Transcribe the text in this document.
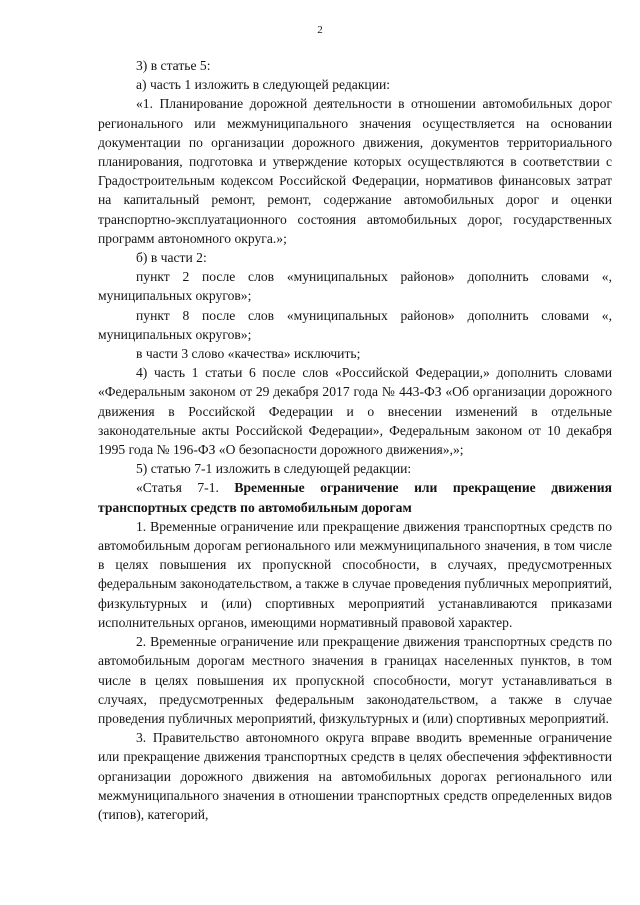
2

3) в статье 5:

а) часть 1 изложить в следующей редакции:

«1. Планирование дорожной деятельности в отношении автомобильных дорог регионального или межмуниципального значения осуществляется на основании документации по организации дорожного движения, документов территориального планирования, подготовка и утверждение которых осуществляются в соответствии с Градостроительным кодексом Российской Федерации, нормативов финансовых затрат на капитальный ремонт, ремонт, содержание автомобильных дорог и оценки транспортно-эксплуатационного состояния автомобильных дорог, государственных программ автономного округа.»;

б) в части 2:

пункт 2 после слов «муниципальных районов» дополнить словами «, муниципальных округов»;

пункт 8 после слов «муниципальных районов» дополнить словами «, муниципальных округов»;

в части 3 слово «качества» исключить;

4) часть 1 статьи 6 после слов «Российской Федерации,» дополнить словами «Федеральным законом от 29 декабря 2017 года № 443-ФЗ «Об организации дорожного движения в Российской Федерации и о внесении изменений в отдельные законодательные акты Российской Федерации», Федеральным законом от 10 декабря 1995 года № 196-ФЗ «О безопасности дорожного движения»,»;

5) статью 7-1 изложить в следующей редакции:

«Статья 7-1. Временные ограничение или прекращение движения транспортных средств по автомобильным дорогам

1. Временные ограничение или прекращение движения транспортных средств по автомобильным дорогам регионального или межмуниципального значения, в том числе в целях повышения их пропускной способности, в случаях, предусмотренных федеральным законодательством, а также в случае проведения публичных мероприятий, физкультурных и (или) спортивных мероприятий устанавливаются приказами исполнительных органов, имеющими нормативный правовой характер.

2. Временные ограничение или прекращение движения транспортных средств по автомобильным дорогам местного значения в границах населенных пунктов, в том числе в целях повышения их пропускной способности, могут устанавливаться в случаях, предусмотренных федеральным законодательством, а также в случае проведения публичных мероприятий, физкультурных и (или) спортивных мероприятий.

3. Правительство автономного округа вправе вводить временные ограничение или прекращение движения транспортных средств в целях обеспечения эффективности организации дорожного движения на автомобильных дорогах регионального или межмуниципального значения в отношении транспортных средств определенных видов (типов), категорий,
